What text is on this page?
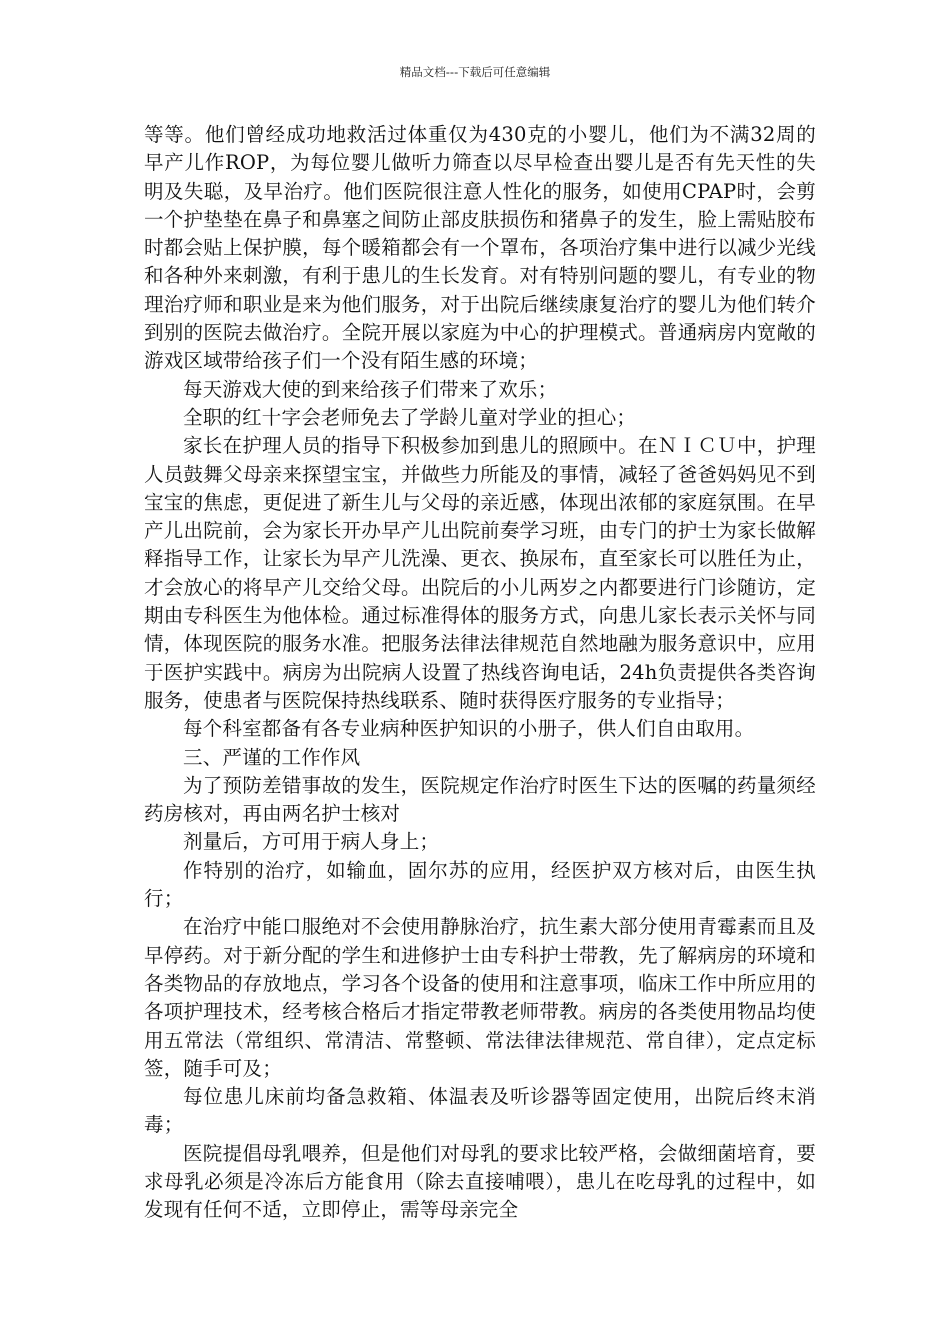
精品文档---下载后可任意编辑

等等。他们曾经成功地救活过体重仅为430克的小婴儿，他们为不满32周的早产儿作ROP，为每位婴儿做听力筛查以尽早检查出婴儿是否有先天性的失明及失聪，及早治疗。他们医院很注意人性化的服务，如使用CPAP时，会剪一个护垫垫在鼻子和鼻塞之间防止部皮肤损伤和猪鼻子的发生，脸上需贴胶布时都会贴上保护膜，每个暖箱都会有一个罩布，各项治疗集中进行以减少光线和各种外来刺激，有利于患儿的生长发育。对有特别问题的婴儿，有专业的物理治疗师和职业是来为他们服务，对于出院后继续康复治疗的婴儿为他们转介到别的医院去做治疗。全院开展以家庭为中心的护理模式。普通病房内宽敞的游戏区域带给孩子们一个没有陌生感的环境；

每天游戏大使的到来给孩子们带来了欢乐；

全职的红十字会老师免去了学龄儿童对学业的担心；

家长在护理人员的指导下积极参加到患儿的照顾中。在ＮＩＣＵ中，护理人员鼓舞父母亲来探望宝宝，并做些力所能及的事情，减轻了爸爸妈妈见不到宝宝的焦虑，更促进了新生儿与父母的亲近感，体现出浓郁的家庭氛围。在早产儿出院前，会为家长开办早产儿出院前奏学习班，由专门的护士为家长做解释指导工作，让家长为早产儿洗澡、更衣、换尿布，直至家长可以胜任为止，才会放心的将早产儿交给父母。出院后的小儿两岁之内都要进行门诊随访，定期由专科医生为他体检。通过标准得体的服务方式，向患儿家长表示关怀与同情，体现医院的服务水准。把服务法律法律规范自然地融为服务意识中，应用于医护实践中。病房为出院病人设置了热线咨询电话，24h负责提供各类咨询服务，使患者与医院保持热线联系、随时获得医疗服务的专业指导；

每个科室都备有各专业病种医护知识的小册子，供人们自由取用。

三、严谨的工作作风

为了预防差错事故的发生，医院规定作治疗时医生下达的医嘱的药量须经药房核对，再由两名护士核对

剂量后，方可用于病人身上；

作特别的治疗，如输血，固尔苏的应用，经医护双方核对后，由医生执行；

在治疗中能口服绝对不会使用静脉治疗，抗生素大部分使用青霉素而且及早停药。对于新分配的学生和进修护士由专科护士带教，先了解病房的环境和各类物品的存放地点，学习各个设备的使用和注意事项，临床工作中所应用的各项护理技术，经考核合格后才指定带教老师带教。病房的各类使用物品均使用五常法（常组织、常清洁、常整顿、常法律法律规范、常自律），定点定标签，随手可及；

每位患儿床前均备急救箱、体温表及听诊器等固定使用，出院后终末消毒；

医院提倡母乳喂养，但是他们对母乳的要求比较严格，会做细菌培育，要求母乳必须是冷冻后方能食用（除去直接哺喂），患儿在吃母乳的过程中，如发现有任何不适，立即停止，需等母亲完全
